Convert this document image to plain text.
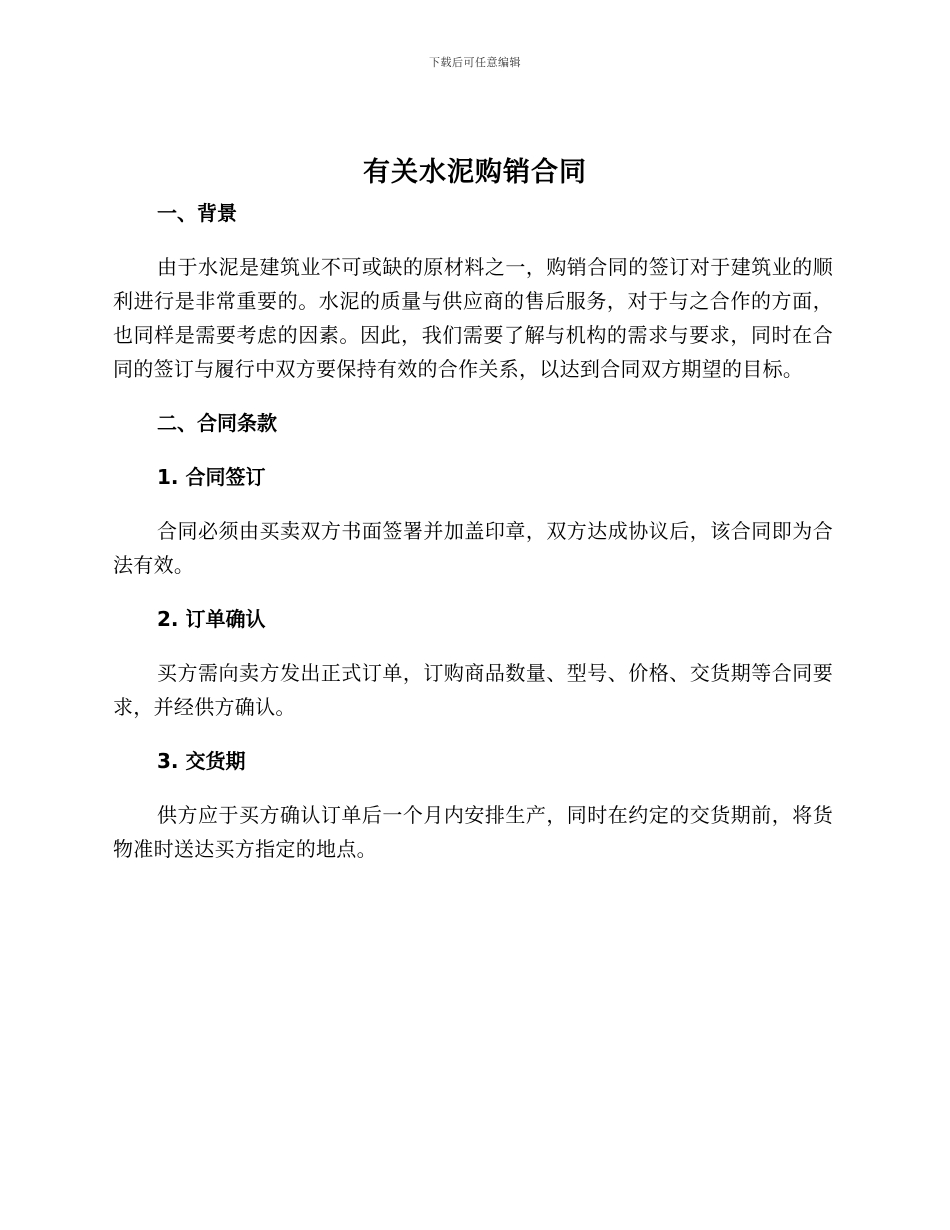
下载后可任意编辑
有关水泥购销合同

一、背景

由于水泥是建筑业不可或缺的原材料之一，购销合同的签订对于建筑业的顺利进行是非常重要的。水泥的质量与供应商的售后服务，对于与之合作的方面，也同样是需要考虑的因素。因此，我们需要了解与机构的需求与要求，同时在合同的签订与履行中双方要保持有效的合作关系，以达到合同双方期望的目标。

二、合同条款

1. 合同签订

合同必须由买卖双方书面签署并加盖印章，双方达成协议后，该合同即为合法有效。

2. 订单确认

买方需向卖方发出正式订单，订购商品数量、型号、价格、交货期等合同要求，并经供方确认。

3. 交货期

供方应于买方确认订单后一个月内安排生产，同时在约定的交货期前，将货物准时送达买方指定的地点。
